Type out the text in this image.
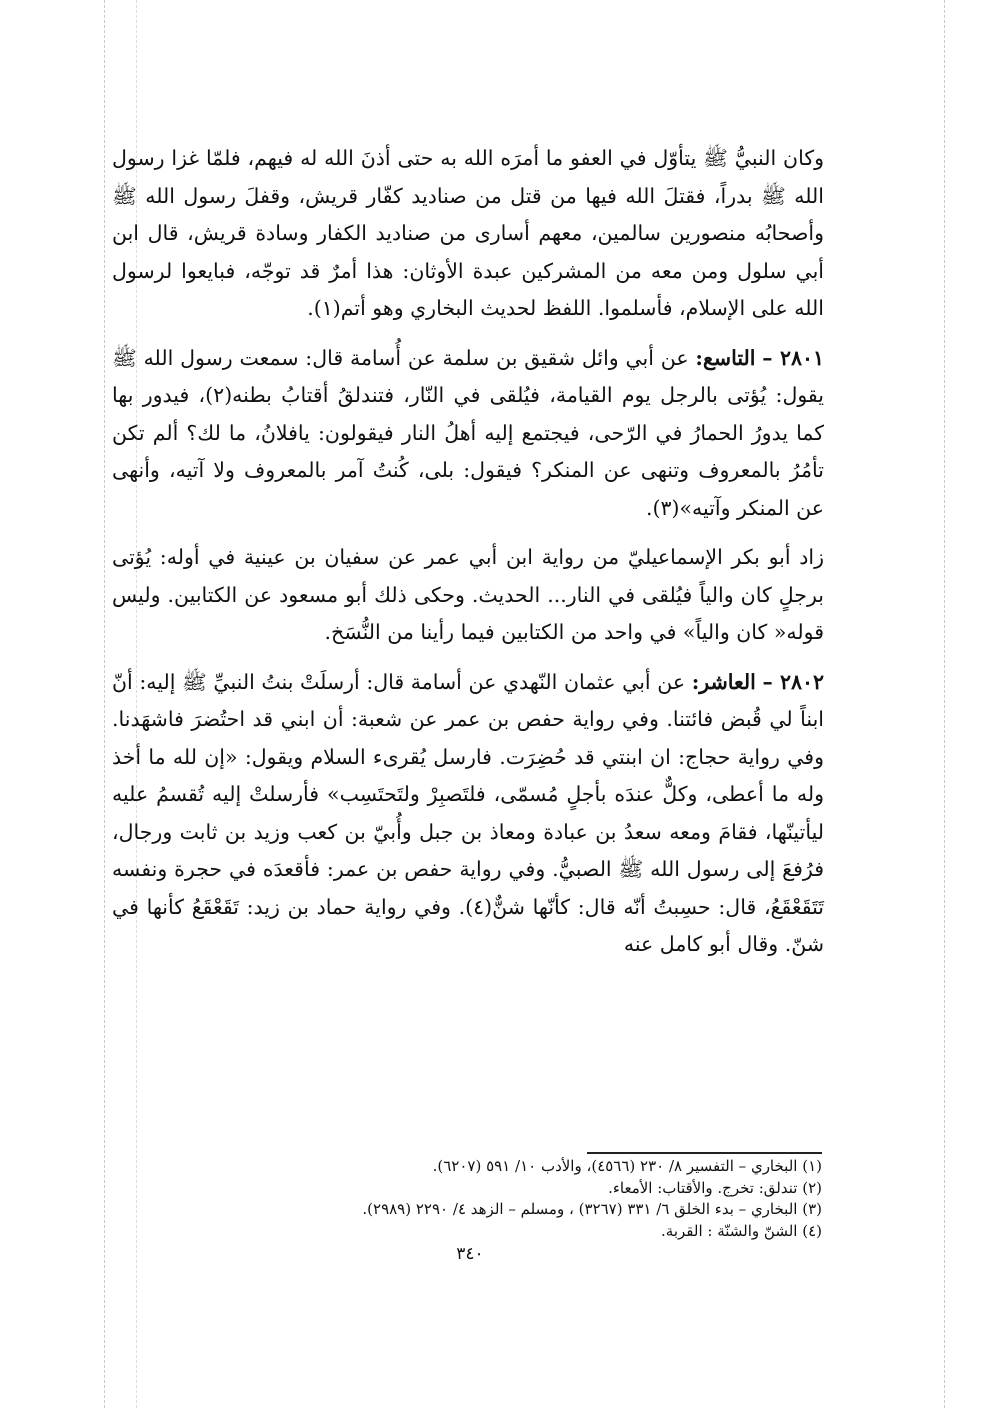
وكان النبيُّ ﷺ يتأوّل في العفو ما أمرَه الله به حتى أذنَ الله له فيهم، فلمّا غزا رسول الله ﷺ بدراً، فقتلَ الله فيها من قتل من صناديد كفّار قريش، وقفلَ رسول الله ﷺ وأصحابُه منصورين سالمين، معهم أسارى من صناديد الكفار وسادة قريش، قال ابن أبي سلول ومن معه من المشركين عبدة الأوثان: هذا أمرٌ قد توجّه، فبايعوا لرسول الله على الإسلام، فأسلموا. اللفظ لحديث البخاري وهو أتم(١).

٢٨٠١ – التاسع: عن أبي وائل شقيق بن سلمة عن أُسامة قال: سمعت رسول الله ﷺ يقول: يُؤتى بالرجل يوم القيامة، فيُلقى في النّار، فتندلقُ أقتابُ بطنه(٢)، فيدور بها كما يدورُ الحمارُ في الرّحى، فيجتمع إليه أهلُ النار فيقولون: يافلانُ، ما لك؟ ألم تكن تأمُرُ بالمعروف وتنهى عن المنكر؟ فيقول: بلى، كُنتُ آمر بالمعروف ولا آتيه، وأنهى عن المنكر وآتيه»(٣).

زاد أبو بكر الإسماعيليّ من رواية ابن أبي عمر عن سفيان بن عينية في أوله: يُؤتى برجلٍ كان والياً فيُلقى في النار... الحديث. وحكى ذلك أبو مسعود عن الكتابين. وليس قوله« كان والياً» في واحد من الكتابين فيما رأينا من النُّسَخ.

٢٨٠٢ – العاشر: عن أبي عثمان النّهدي عن أسامة قال: أرسلَتْ بنتُ النبيِّ ﷺ إليه: أنّ ابناً لي قُبض فائتنا. وفي رواية حفص بن عمر عن شعبة: أن ابني قد احتُضرَ فاشهَدنا. وفي رواية حجاج: ان ابنتي قد حُضِرَت. فارسل يُقرىء السلام ويقول: «إن لله ما أخذ وله ما أعطى، وكلٌّ عندَه بأجلٍ مُسمّى، فلتَصبِرْ ولتَحتَسِب» فأرسلتْ إليه تُقسمُ عليه ليأتينّها، فقامَ ومعه سعدُ بن عبادة ومعاذ بن جبل وأُبيّ بن كعب وزيد بن ثابت ورجال، فرُفعَ إلى رسول الله ﷺ الصبيُّ. وفي رواية حفص بن عمر: فأقعدَه في حجرة ونفسه تَتَقَعْقَعُ، قال: حسِبتُ أنّه قال: كأنّها شنٌّ(٤). وفي رواية حماد بن زيد: تَقَعْقَعُ كأنها في شنّ. وقال أبو كامل عنه

(١) البخاري – التفسير ٨/ ٢٣٠ (٤٥٦٦)، والأدب ١٠/ ٥٩١ (٦٢٠٧).

(٢) تندلق: تخرج. والأقتاب: الأمعاء.

(٣) البخاري – بدء الخلق ٦/ ٣٣١ (٣٢٦٧) ، ومسلم – الزهد ٤/ ٢٢٩٠ (٢٩٨٩).

(٤) الشنّ والشنّة : القربة.

٣٤٠
